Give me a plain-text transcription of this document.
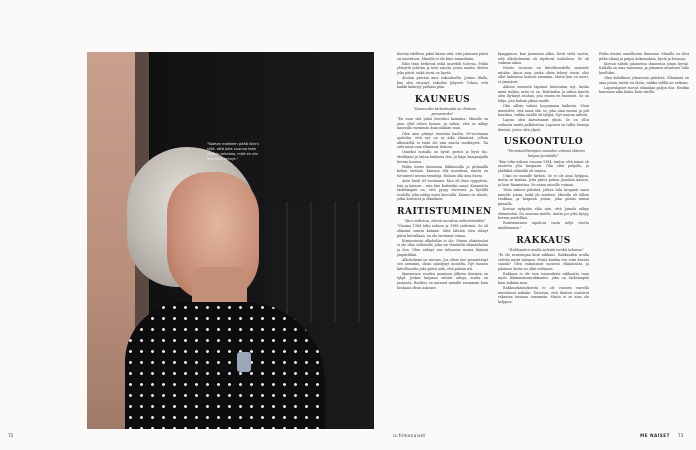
"Koetan edelleen pitää kiinni siitä, että joka vuonna teen jotakin sellaista, mitä en ole aiemmin tehnyt."

Koetan edelleen pitää kiinni siitä, että jokainen päivä on nautittava. Minulla ei ole kiire minnekään.

Elän tänä hetkessä enkä murehdi tulevaa. Pidän yhteyttä ystäviin ja teen asioita, joista nautin. Mietin joka päivä, mikä tässä on hyvää.

Aloitan päiväni aina rukouksella. Joskus illalla, kun olen väsynyt, rukoilen lyhyesti. Uskon, että kaikki kääntyy parhain päin.

KAUNEUS

"Kauneutta tärkeämpää on ihmisen perusrunko"

"En osaa sitä pitää itsestäni kauniina. Minulla on aina ollut vahva luonne, ja uskon, että se näkyy kasvoilla enemmän kuin mikään muu.

Olen aina pitänyt itsestäni huolta. 50-vuotiaana ajattelin, että nyt on se aika elämässä, jolloin ulkonäöllä ei enää ole niin suurta merkitystä. Tai siitä minä vain elämässä iloitsen.

Onneksi minulla on hyvät geenit ja hyvä iho. Meikkaan ja laitan hiukseni itse, ja käyn kampaajalla kerran kuussa.

Pidän itseni kunnossa liikkumalla ja pitämällä kehon vireänä. Kunnon olla muodissa, mutta en tietoisesti seuraa trendejä. Haluan olla oma itseni.

Aiitn kuuli 65-vuotiaana. Kun oli ihan ryppyttön, luin ja katsoin – niin hän kuitenkin sanoi. Kauneutta tärkeämpää on, että pysyy terveenä ja hyvällä tuulella, joka näkyy myös kasvoilla. Kaunis on silmät, jotka loistavat ja elämänilo.

RAITISTUMINEN

"Kun raitistuu, elämä muuttuu selkeämmäksi"

"Vuonna 1984 tulin uskoon ja 1988 raitistuin. Se oli elämäni suurin käänne. Siitä lähtien olen elänyt päivä kerrallaan, en ole tarvinnut viinaa.

Kiinnostusta alkoholiin ei ole. Minun elämässäni ei ole tilaa sellaiselle, joka vie ihmiseltä elämänhalun ja ilon. Olen nähnyt sen tuhoavan monia ihmisiä ympärilläni.

Alkoholismi on sairaus. Jos olisin itse ymmärtänyt sen aiemmin, olisin säästynyt monelta. Nyt tunnen kiitollisuutta joka päivä siitä, että pääsin irti.

Kymmenen vuoden juomisen jälkeen ihminen on tyhjä. Joskus kaipaan entisiä aikoja, mutta en juomista. Raittius on antanut minulle enemmän kuin koskaan olisin uskonut.

kymppinen, kun juominen alkoi. Kesti vielä vuotta, että alkoholismini oli täydessä vauhdissa. Se oli vaikeaa aikaa.

Noista vuosista en kiitollisuudella muistele mitään. Ainoa asia, jonka olisin tehnyt toisin, olisi ollut hakeutua hoitoon aiemmin. Mutta kun on nuori, ei ymmärrä.

Alkoon meneviä lapsiani kuntoutan nyt, koska minä tiedän, mitä se on. Raittiuden ja uskon kautta olen löytänyt rauhan, jota ennen en tuntenut. Se on lahja, jota haluan jakaa muille.

Olin silloin valmis luopumaan kaikesta. Moni muistelee, että minä olin se, joka aina nauroi ja piti hauskaa, vaikka sisällä oli tyhjää. Nyt nauran aidosti.

Lapsia olen kasvattanut yksin. Se on ollut raskasta mutta palkitsevaa. Lapsista on tullut hienoja ihmisiä, joista olen ylpeä.

USKOONTULO

"Perusteellisimpien asioiden edessä elämän kelpaa Jumalalle"

"Kun tulin uskoon vuonna 1984, tuntui, että minut oli nostettu ylös kuopasta. Olin ollut pohjalla, ja yhtäkkiä elämällä oli suunta.

Usko on minulle tärkeä. Se ei ole aina helppoa, mutta se kantaa. Joka päivä puhun Jumalan kanssa, ja luen Raamattua. Se antaa minulle voimaa.

Tulin uskoon päivänä, jolloin Aila Aroganti sanoi minulle jotain, mikä jäi mieleen. Minulla oli silloin rankkaa, ja kaipasin jotain, joka pitäisi minut pinnalla.

Koetan nykyään elää niin, että Jumala näkyy elämässäni. En saarnaa muille, mutta jos joku kysyy, kerron mielelläni.

Raitistuminen tapahtui vasta neljä vuotta myöhemmin."

RAKKAUS

"Rakkauden avulla selviää minkä tahansa"

"Ei ole suurempaa kuin rakkaus. Rakkauden avulla selviää mistä tahansa. Mutta kuinka sen voisi kuvata sanoin? Olen rakastanut monesti elämässäni, ja jokainen kerta on ollut erilainen.

Rakkaus ei ole vain romanttista rakkautta vaan myös lähimmäisenrakkautta, joka on tärkeämpää kuin mikään muu.

Rakkauskäsityksestä ei ole vuosien varrella muuttunut mikään. Toivoisin, että ihmiset osaisivat rakastaa toisiaan enemmän. Mutta ei se aina ole helppoa.

Pidän itseäni onnellisena ihmisenä. Minulla on ollut pitkä elämä ja paljon kokemuksia, hyviä ja huonoja.

Koetan nähdä jokaisessa ihmisessä jotain hyvää. Kaikilla on oma tarinansa, ja jokainen ansaitsee tulla kuulluksi.

Olen kiitollinen jokaisesta päivästä. Elämässä on aina jotain, mistä voi iloita, vaikka välillä on vaikeaa.

Lapsenlapset tuovat elämääni paljon iloa. Heidän kanssaan aika kuluu kuin siivillä.

72	is.fi/menaiset	ME NAISET 73
